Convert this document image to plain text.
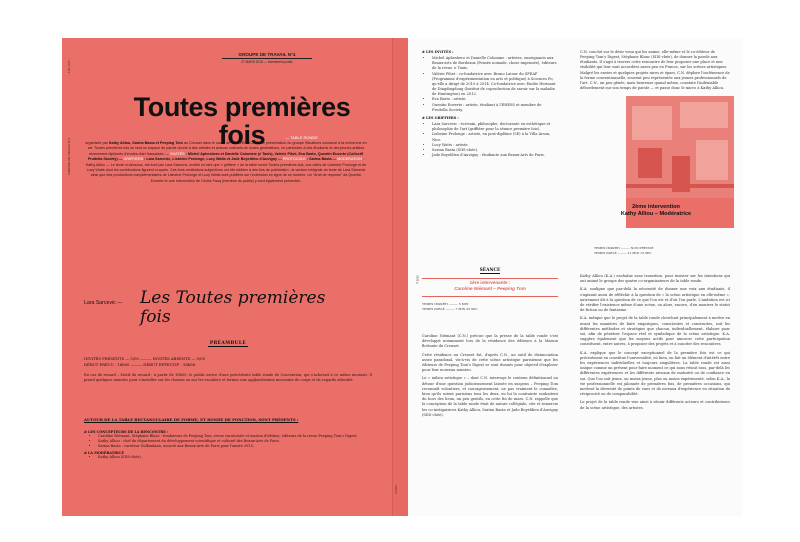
– 136 | 137 –
GROUPE DE TRAVAIL N°4
GROUPE DE TRAVAIL N°4
27 MARS 2015 — événement public
Toutes premières fois	— TABLE RONDE
organisée par Kathy Alliou, Sarina Basta et Peeping Tom au Creuset dans le cadre de CONVENTION : une présentation du groupe Situations consacré à la recherche en art. Toutes premières fois se veut un espace de parole donné à des artistes et acteurs culturels de toutes générations, en particulier à des étudiants et des jeunes artistes récemment diplômés d'écoles d'art françaises. — INVITÉS : Michel Aphesbero et Danielle Colomine (≠ Taxis), Valérie Pihet, Eva Barto, Quentin Euverte (Collectif Fruitella Society) — GRIFFIERS : Lara Sarcevic, Lisbeine Prolonge, Lucy Watts et Jade Boyeldieu d'Auvigny — PROTOCOLE : Sarina Basta — MODÉRATION : Kathy Alliou — Le texte ci-dessous, est écrit par Lara Sarcevic, invitée en tant que « griffiere » de la table ronde Toutes premières fois, aux côtés de Lisbeine Prolonge et de Lucy Watts dont les contributions figurent ci-après. Ces trois restitutions subjectives ont été éditées à des fins de publication ; la version intégrale du texte de Lara Sarcevic ainsi que des productions complémentaires de Lisbeine Prolonge et Lucy Watts sont publiées sur l'extension en ligne de ce numéro. Un "droit de réponse" de Quentin Euverte et une intervention de Cédric Fauq (membre du public) y sont également présentés.
Lara Sarcevic — Les Toutes premières fois
PRÉAMBULE
INVITÉS PRÉSENTS — 5/05 ——— INVITÉS ABSENTS — 0/05
DÉBUT PRÉVU : 16h00 ——— DÉBUT EFFECTIF : 16h06.
En cas de renard – Motif du renard : à partir de 16h00, le public arrive d'une précédente table ronde de Convention, qui s'achevait à ce même moment. Il prend quelques minutes pour s'installer sur les chaises ou sur les escaliers et former une agglomération mouvante de corps et de regards attentifs.
AUTOUR DE LA TABLE RECTANGULAIRE DE FORME, ET RONDE DE FONCTION, SONT PRÉSENTS :
# LES CONCEPTEURS DE LA RENCONTRE :
• Caroline Niémant, Stéphane Blanc : fondateurs de Peeping Tom, revue curatoriale et maison d'édition, éditeurs de la revue Peeping Tom's Digest.
• Kathy Alliou : chef du département du développement scientifique et culturel des Beaux-Arts de Paris.
• Sarina Basta : curateur Gulbenkian, associé aux Beaux-Arts de Paris pour l'année 2015.
# LA MODÉRATRICE
• Kathy Alliou (SIIS-chée).
Ce livre
© 2015
# LES INVITÉS :
• Michel Aphesbero et Danielle Colomine : artistes, enseignants aux Beaux-arts de Bordeaux (Pensée nomade, chose imprimée), éditeurs de la revue ≠ Taxis.
• Valérie Pihet : co-fondatrice avec Bruno Latour du SPEAP (Programme d'expérimentation en arts et politique) à Sciences Po, qu'elle a dirigé de 2010 à 2014. Co-fondatrice avec Emilie Hermant de Dingdingdong (Institut de coproduction de savoir sur la maladie de Huntington) en 2012.
• Eva Barto : artiste.
• Quentin Euverte : artiste, étudiant à l'EHESS et membre de Fruitella Society.
# LES GRIFFIERS :
• Lara Sarcevic : écrivain, philosophe, doctorante en esthétique et philosophie de l'art (griffière pour la séance première fois).
• Lisbeine Prolonge : artiste, en post-diplôme (5E) à la Villa Arson, Nice.
• Lucy Watts : artiste.
• Sarina Basta (SIIS-chée).
• Jade Boyeldieu d'Auvigny : étudiante aux Beaux-Arts de Paris.
SÉANCE
1ère intervenante :
Caroline Niémant – Peeping Tom
TEMPS IMPARTI ——— 5 MIN
TEMPS PARLÉ ——— 7 MIN 33 SEC

Caroline Niémant (C.N.) précise que la presse de la table ronde s'est développé notamment lors de la résidence des éditeurs à la Maison flottante du Creuset.

Cette résidence au Creuset fut, d'après C.N., un outil de distanciation assez paradoxal, vis-à-vis de cette scène artistique parisienne que les éditeurs de Peeping Tom's Digest se sont donnés pour objectif d'explorer pour leur nouveau numéro.

Le « milieu artistique » – dont C.N. interroge le contenu définitionnel au détour d'une question judicieusement laissée en suspens – Peeping Tom reconnaît volontiers, et courageusement, ne pas vraiment le connaître, bien qu'ils soient parisiens tous les deux, en lui la contrainte souhaitent du hors des lieux, un peu gentils, en cette fin de mars. C.N. rappelle que la conception de la table ronde était de nature collégiale, cite et remercie les co-instigatrices Kathy Alliou, Sarina Basta et Jade Boyeldieu d'Auvigny (SIIS-chée).

C.N. conclut sur le désir venu qui les anime, elle-même et le co-éditeur de Peeping Tom's Digest, Stéphane Blanc (SIIS-chée), de donner la parole aux étudiants. Il s'agit à travers cette rencontre de leur proposer une place et une visibilité qui leur sont accordées assez peu en France, sur les scènes artistiques. Malgré les envies et quelques projets rares et épars, C.N. déplore l'inclémence de la forme conventionnelle, souvent peu représentée aux jeunes professionnels de l'art. C.N., un peu gênée, mais heureuse quand même, constate l'indéniable débordement sur son temps de parole — et passe donc le micro à Kathy Alliou.

2ème intervention
Kathy Alliou – Modératrice
TEMPS IMPARTI ——— NON PRÉCISÉ
TEMPS PARLÉ ——— 21 MIN 15 SEC

Kathy Alliou (K.A.) enchaîne sans transition, pour insister sur les intentions qui ont animé le groupe des quatre co-organisateurs de la table ronde.

K.A. souligne que par-delà la nécessité de donner une voix aux étudiants, il s'agissait aussi de réfléchir à la question de « la scène artistique en elle-même », autrement dit à la question de ce que l'on est et d'où l'on parle. L'ambition est ici de vérifier l'existence même d'une scène, ou alors, encore, d'en montrer le statut de fiction ou de fantasme.

K.A. indique que le projet de la table ronde cherchait principalement à mettre en avant les manières de faire empiriques, conscientes et construites, soit les différentes méthodes et stratégies que chacun, individuellement, élabore pour soi, afin de pénétrer l'espace réel et symbolique de la scène artistique. K.A. suggère également que les moyens actifs pour amorcer cette participation constituent, entre autres, à proposer des projets et à susciter des rencontres.

K.A. explique que le concept exceptionnel de la première fois est ce qui précisément en constitue l'universalité, où bien, en fait un élément d'intérêt entre les expériences individuelles et toujours singulières. La table ronde est ainsi unique comme un présent pour faire moment ce qui nous réunit tous, par-delà les différentes expériences et les différents niveaux de maturité ou de confiance en soi. Que l'on soit jeune, ou moins jeune, plus ou moins expérimenté, selon K.A., la vie professionnelle est jalonnée de premières fois, de premières occasions, qui mettent la diversité de points de vues et de niveaux d'expérience en situation de réciprocité ou de comparabilité.

Le projet de la table ronde vise ainsi à réunir différents acteurs et contributeurs de la scène artistique, des artistes.
